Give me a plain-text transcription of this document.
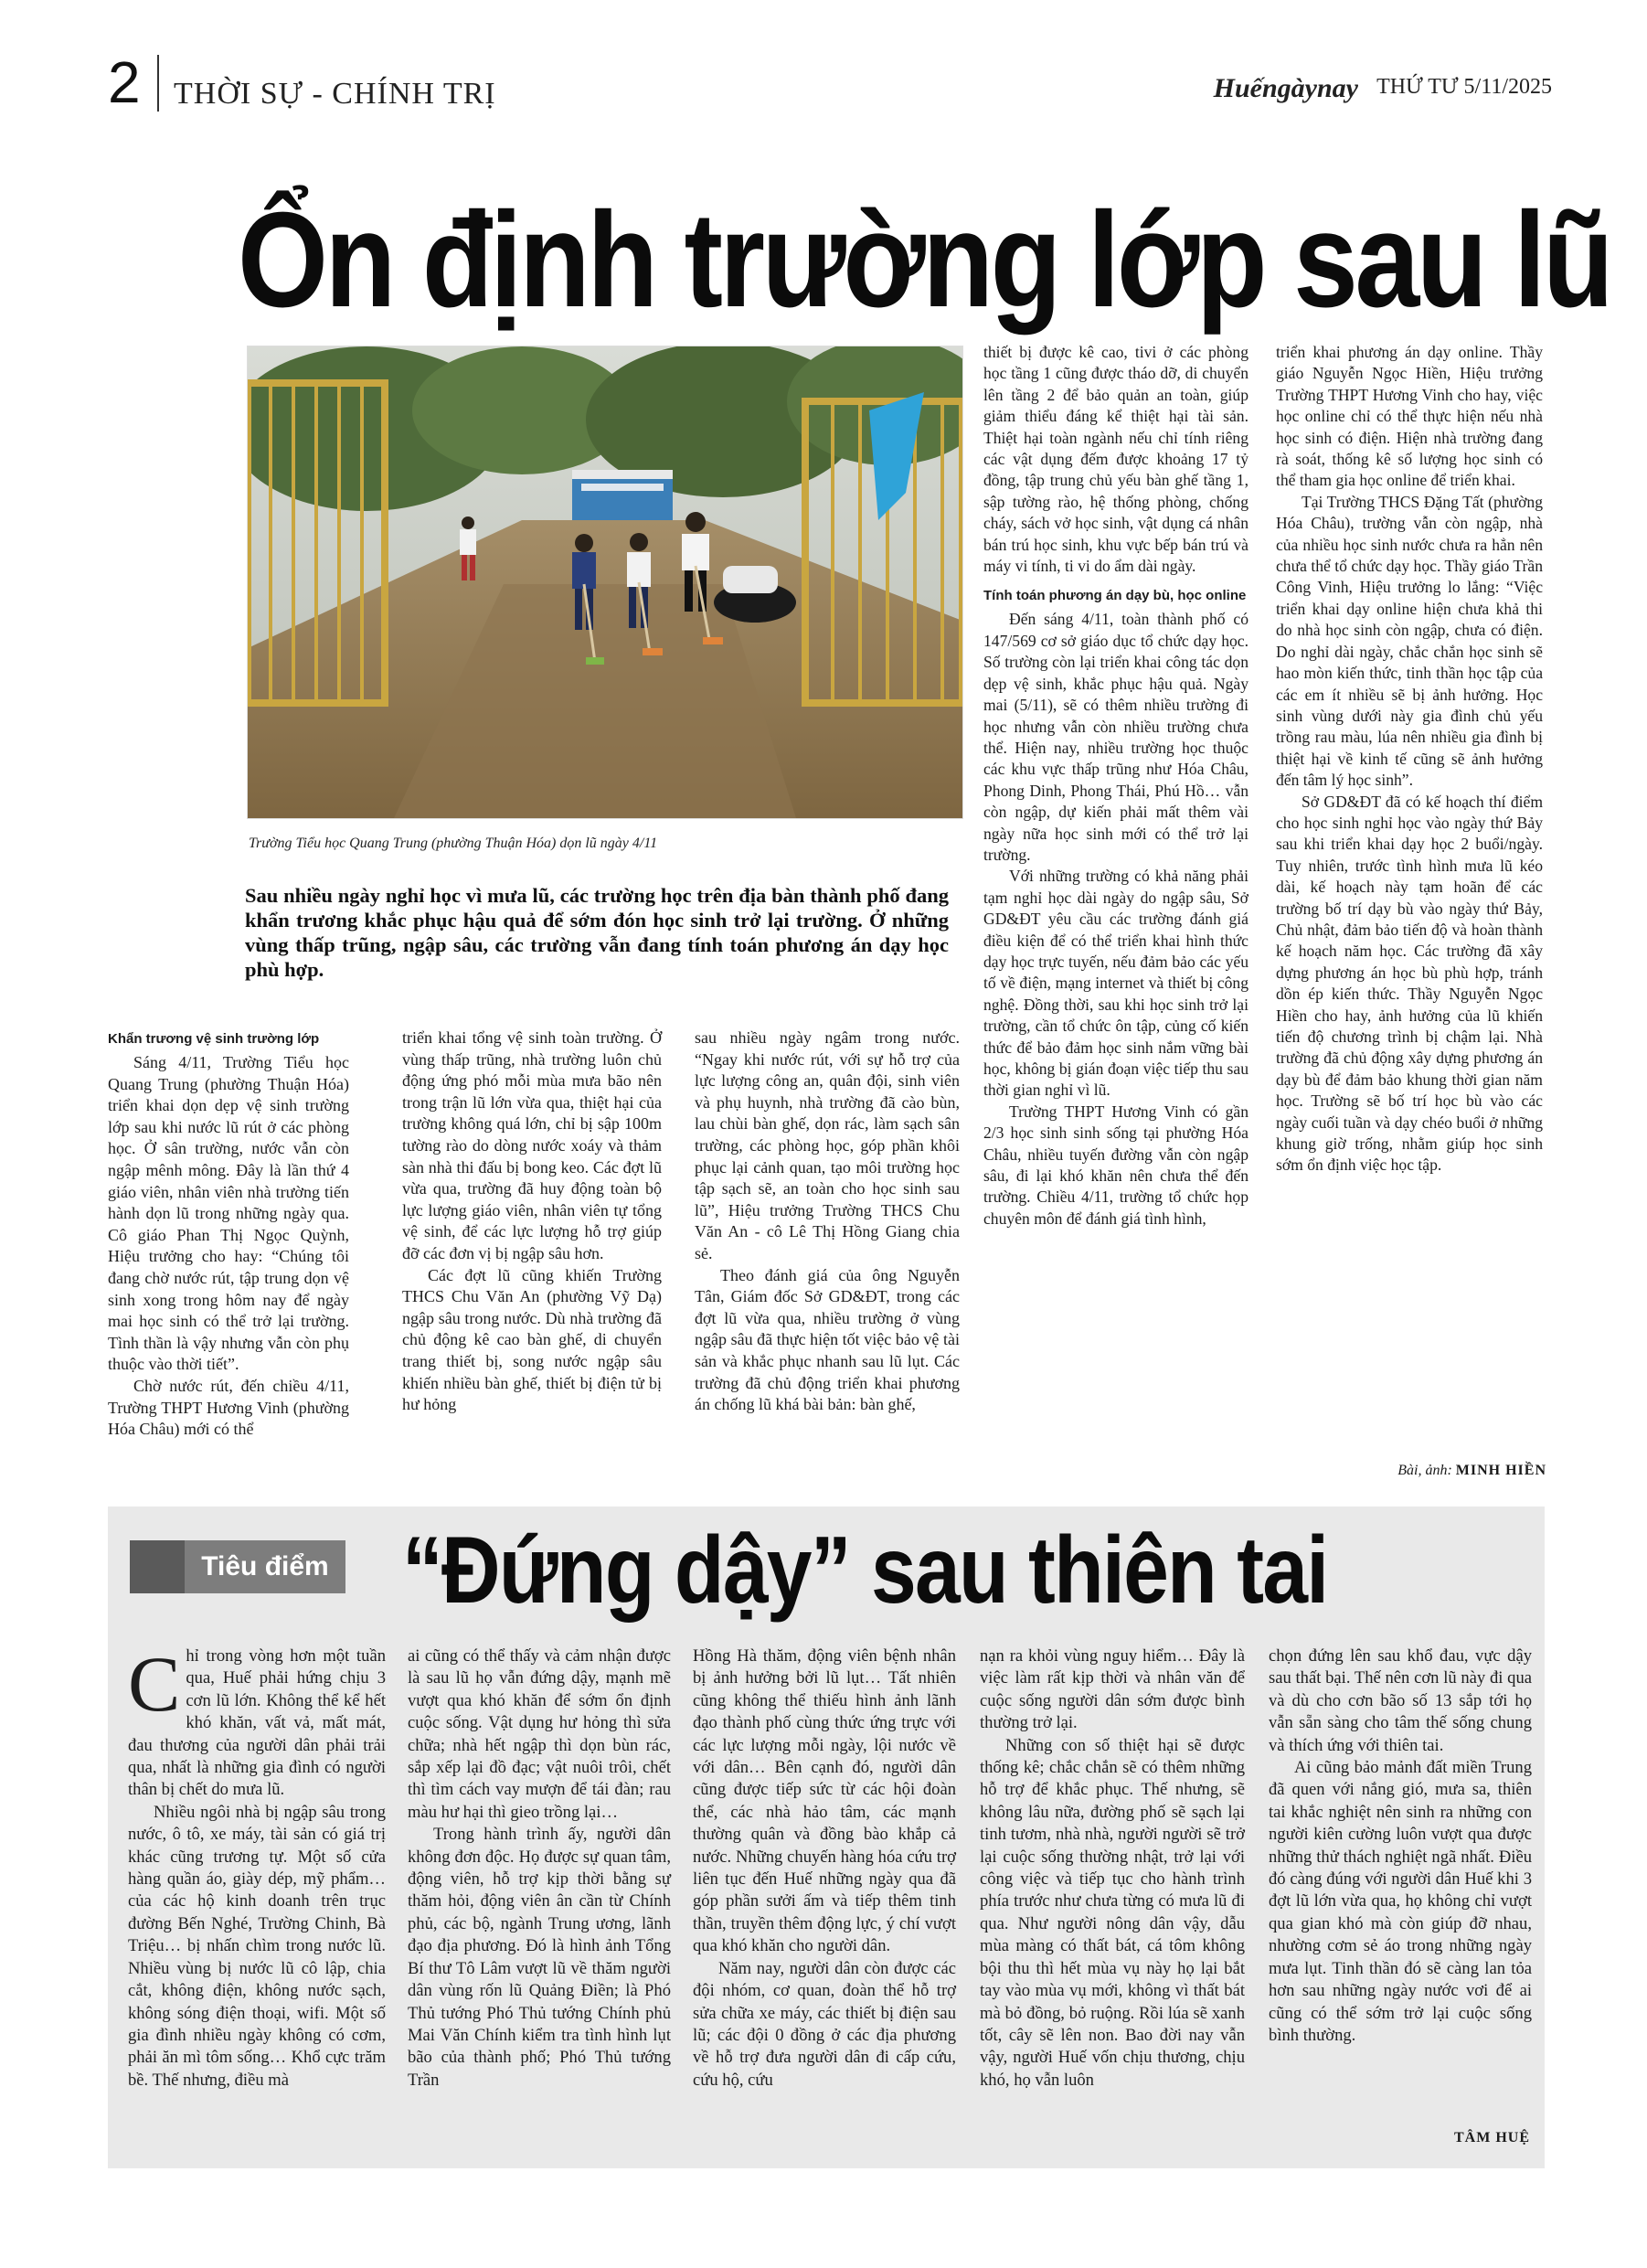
2 THỜI SỰ - CHÍNH TRỊ	Huếngàynay THỨ TƯ 5/11/2025
Ổn định trường lớp sau lũ
Trường Tiểu học Quang Trung (phường Thuận Hóa) dọn lũ ngày 4/11
Sau nhiều ngày nghỉ học vì mưa lũ, các trường học trên địa bàn thành phố đang khẩn trương khắc phục hậu quả để sớm đón học sinh trở lại trường. Ở những vùng thấp trũng, ngập sâu, các trường vẫn đang tính toán phương án dạy học phù hợp.
Khẩn trương vệ sinh trường lớp

Sáng 4/11, Trường Tiểu học Quang Trung (phường Thuận Hóa) triển khai dọn dẹp vệ sinh trường lớp sau khi nước lũ rút ở các phòng học. Ở sân trường, nước vẫn còn ngập mênh mông. Đây là lần thứ 4 giáo viên, nhân viên nhà trường tiến hành dọn lũ trong những ngày qua. Cô giáo Phan Thị Ngọc Quỳnh, Hiệu trưởng cho hay: “Chúng tôi đang chờ nước rút, tập trung dọn vệ sinh xong trong hôm nay để ngày mai học sinh có thể trở lại trường. Tình thần là vậy nhưng vẫn còn phụ thuộc vào thời tiết”.

Chờ nước rút, đến chiều 4/11, Trường THPT Hương Vinh (phường Hóa Châu) mới có thể

triển khai tổng vệ sinh toàn trường. Ở vùng thấp trũng, nhà trường luôn chủ động ứng phó mỗi mùa mưa bão nên trong trận lũ lớn vừa qua, thiệt hại của trường không quá lớn, chỉ bị sập 100m tường rào do dòng nước xoáy và thảm sàn nhà thi đấu bị bong keo. Các đợt lũ vừa qua, trường đã huy động toàn bộ lực lượng giáo viên, nhân viên tự tổng vệ sinh, để các lực lượng hỗ trợ giúp đỡ các đơn vị bị ngập sâu hơn.

Các đợt lũ cũng khiến Trường THCS Chu Văn An (phường Vỹ Dạ) ngập sâu trong nước. Dù nhà trường đã chủ động kê cao bàn ghế, di chuyển trang thiết bị, song nước ngập sâu khiến nhiều bàn ghế, thiết bị điện tử bị hư hỏng

sau nhiều ngày ngâm trong nước. “Ngay khi nước rút, với sự hỗ trợ của lực lượng công an, quân đội, sinh viên và phụ huynh, nhà trường đã cào bùn, lau chùi bàn ghế, dọn rác, làm sạch sân trường, các phòng học, góp phần khôi phục lại cảnh quan, tạo môi trường học tập sạch sẽ, an toàn cho học sinh sau lũ”, Hiệu trưởng Trường THCS Chu Văn An - cô Lê Thị Hồng Giang chia sẻ.

Theo đánh giá của ông Nguyễn Tân, Giám đốc Sở GD&ĐT, trong các đợt lũ vừa qua, nhiều trường ở vùng ngập sâu đã thực hiện tốt việc bảo vệ tài sản và khắc phục nhanh sau lũ lụt. Các trường đã chủ động triển khai phương án chống lũ khá bài bản: bàn ghế,

thiết bị được kê cao, tivi ở các phòng học tầng 1 cũng được tháo dỡ, di chuyển lên tầng 2 để bảo quản an toàn, giúp giảm thiểu đáng kể thiệt hại tài sản. Thiệt hại toàn ngành nếu chỉ tính riêng các vật dụng đếm được khoảng 17 tỷ đồng, tập trung chủ yếu bàn ghế tầng 1, sập tường rào, hệ thống phòng, chống cháy, sách vở học sinh, vật dụng cá nhân bán trú học sinh, khu vực bếp bán trú và máy vi tính, ti vi do ẩm dài ngày.

Tính toán phương án dạy bù, học online

Đến sáng 4/11, toàn thành phố có 147/569 cơ sở giáo dục tổ chức dạy học. Số trường còn lại triển khai công tác dọn dẹp vệ sinh, khắc phục hậu quả. Ngày mai (5/11), sẽ có thêm nhiều trường đi học nhưng vẫn còn nhiều trường chưa thể. Hiện nay, nhiều trường học thuộc các khu vực thấp trũng như Hóa Châu, Phong Dinh, Phong Thái, Phú Hồ… vẫn còn ngập, dự kiến phải mất thêm vài ngày nữa học sinh mới có thể trở lại trường.

Với những trường có khả năng phải tạm nghỉ học dài ngày do ngập sâu, Sở GD&ĐT yêu cầu các trường đánh giá điều kiện để có thể triển khai hình thức dạy học trực tuyến, nếu đảm bảo các yếu tố về điện, mạng internet và thiết bị công nghệ. Đồng thời, sau khi học sinh trở lại trường, cần tổ chức ôn tập, củng cố kiến thức để bảo đảm học sinh nắm vững bài học, không bị gián đoạn việc tiếp thu sau thời gian nghỉ vì lũ.

Trường THPT Hương Vinh có gần 2/3 học sinh sinh sống tại phường Hóa Châu, nhiều tuyến đường vẫn còn ngập sâu, đi lại khó khăn nên chưa thể đến trường. Chiều 4/11, trường tổ chức họp chuyên môn để đánh giá tình hình,

triển khai phương án dạy online. Thầy giáo Nguyễn Ngọc Hiền, Hiệu trưởng Trường THPT Hương Vinh cho hay, việc học online chỉ có thể thực hiện nếu nhà học sinh có điện. Hiện nhà trường đang rà soát, thống kê số lượng học sinh có thể tham gia học online để triển khai.

Tại Trường THCS Đặng Tất (phường Hóa Châu), trường vẫn còn ngập, nhà của nhiều học sinh nước chưa ra hẳn nên chưa thể tổ chức dạy học. Thầy giáo Trần Công Vinh, Hiệu trưởng lo lắng: “Việc triển khai dạy online hiện chưa khả thi do nhà học sinh còn ngập, chưa có điện. Do nghỉ dài ngày, chắc chắn học sinh sẽ hao mòn kiến thức, tinh thần học tập của các em ít nhiều sẽ bị ảnh hưởng. Học sinh vùng dưới này gia đình chủ yếu trồng rau màu, lúa nên nhiều gia đình bị thiệt hại về kinh tế cũng sẽ ảnh hưởng đến tâm lý học sinh”.

Sở GD&ĐT đã có kế hoạch thí điểm cho học sinh nghỉ học vào ngày thứ Bảy sau khi triển khai dạy học 2 buổi/ngày. Tuy nhiên, trước tình hình mưa lũ kéo dài, kế hoạch này tạm hoãn để các trường bố trí dạy bù vào ngày thứ Bảy, Chủ nhật, đảm bảo tiến độ và hoàn thành kế hoạch năm học. Các trường đã xây dựng phương án học bù phù hợp, tránh dồn ép kiến thức. Thầy Nguyễn Ngọc Hiền cho hay, ảnh hưởng của lũ khiến tiến độ chương trình bị chậm lại. Nhà trường đã chủ động xây dựng phương án dạy bù để đảm bảo khung thời gian năm học. Trường sẽ bố trí học bù vào các ngày cuối tuần và dạy chéo buổi ở những khung giờ trống, nhằm giúp học sinh sớm ổn định việc học tập.

Bài, ảnh: MINH HIỀN
Tiêu điểm “Đứng dậy” sau thiên tai

Chỉ trong vòng hơn một tuần qua, Huế phải hứng chịu 3 cơn lũ lớn. Không thể kể hết khó khăn, vất vả, mất mát, đau thương của người dân phải trải qua, nhất là những gia đình có người thân bị chết do mưa lũ.

Nhiều ngôi nhà bị ngập sâu trong nước, ô tô, xe máy, tài sản có giá trị khác cũng trương tự. Một số cửa hàng quần áo, giày dép, mỹ phẩm… của các hộ kinh doanh trên trục đường Bến Nghé, Trường Chinh, Bà Triệu… bị nhấn chìm trong nước lũ. Nhiều vùng bị nước lũ cô lập, chia cắt, không điện, không nước sạch, không sóng điện thoại, wifi. Một số gia đình nhiều ngày không có cơm, phải ăn mì tôm sống… Khổ cực trăm bề. Thế nhưng, điều mà

ai cũng có thể thấy và cảm nhận được là sau lũ họ vẫn đứng dậy, mạnh mẽ vượt qua khó khăn để sớm ổn định cuộc sống. Vật dụng hư hỏng thì sửa chữa; nhà hết ngập thì dọn bùn rác, sắp xếp lại đồ đạc; vật nuôi trôi, chết thì tìm cách vay mượn để tái đàn; rau màu hư hại thì gieo trồng lại…

Trong hành trình ấy, người dân không đơn độc. Họ được sự quan tâm, động viên, hỗ trợ kịp thời bằng sự thăm hỏi, động viên ân cần từ Chính phủ, các bộ, ngành Trung ương, lãnh đạo địa phương. Đó là hình ảnh Tổng Bí thư Tô Lâm vượt lũ về thăm người dân vùng rốn lũ Quảng Điền; là Phó Thủ tướng Phó Thủ tướng Chính phủ Mai Văn Chính kiểm tra tình hình lụt bão của thành phố; Phó Thủ tướng Trần

Hồng Hà thăm, động viên bệnh nhân bị ảnh hưởng bởi lũ lụt… Tất nhiên cũng không thể thiếu hình ảnh lãnh đạo thành phố cùng thức ứng trực với các lực lượng mỗi ngày, lội nước về với dân… Bên cạnh đó, người dân cũng được tiếp sức từ các hội đoàn thể, các nhà hảo tâm, các mạnh thường quân và đồng bào khắp cả nước. Những chuyến hàng hóa cứu trợ liên tục đến Huế những ngày qua đã góp phần sưởi ấm và tiếp thêm tinh thần, truyền thêm động lực, ý chí vượt qua khó khăn cho người dân.

Năm nay, người dân còn được các đội nhóm, cơ quan, đoàn thể hỗ trợ sửa chữa xe máy, các thiết bị điện sau lũ; các đội 0 đồng ở các địa phương về hỗ trợ đưa người dân đi cấp cứu, cứu hộ, cứu

nạn ra khỏi vùng nguy hiểm… Đây là việc làm rất kịp thời và nhân văn để cuộc sống người dân sớm được bình thường trở lại.

Những con số thiệt hại sẽ được thống kê; chắc chắn sẽ có thêm những hỗ trợ để khắc phục. Thế nhưng, sẽ không lâu nữa, đường phố sẽ sạch lại tinh tươm, nhà nhà, người người sẽ trở lại cuộc sống thường nhật, trở lại với công việc và tiếp tục cho hành trình phía trước như chưa từng có mưa lũ đi qua. Như người nông dân vậy, dẫu mùa màng có thất bát, cá tôm không bội thu thì hết mùa vụ này họ lại bắt tay vào mùa vụ mới, không vì thất bát mà bỏ đồng, bỏ ruộng. Rồi lúa sẽ xanh tốt, cây sẽ lên non. Bao đời nay vẫn vậy, người Huế vốn chịu thương, chịu khó, họ vẫn luôn

chọn đứng lên sau khổ đau, vực dậy sau thất bại. Thế nên cơn lũ này đi qua và dù cho cơn bão số 13 sắp tới họ vẫn sẵn sàng cho tâm thế sống chung và thích ứng với thiên tai.

Ai cũng bảo mảnh đất miền Trung đã quen với nắng gió, mưa sa, thiên tai khắc nghiệt nên sinh ra những con người kiên cường luôn vượt qua được những thử thách nghiệt ngã nhất. Điều đó càng đúng với người dân Huế khi 3 đợt lũ lớn vừa qua, họ không chỉ vượt qua gian khó mà còn giúp đỡ nhau, nhường cơm sẻ áo trong những ngày mưa lụt. Tinh thần đó sẽ càng lan tỏa hơn sau những ngày nước vơi để ai cũng có thể sớm trở lại cuộc sống bình thường.

TÂM HUỆ
